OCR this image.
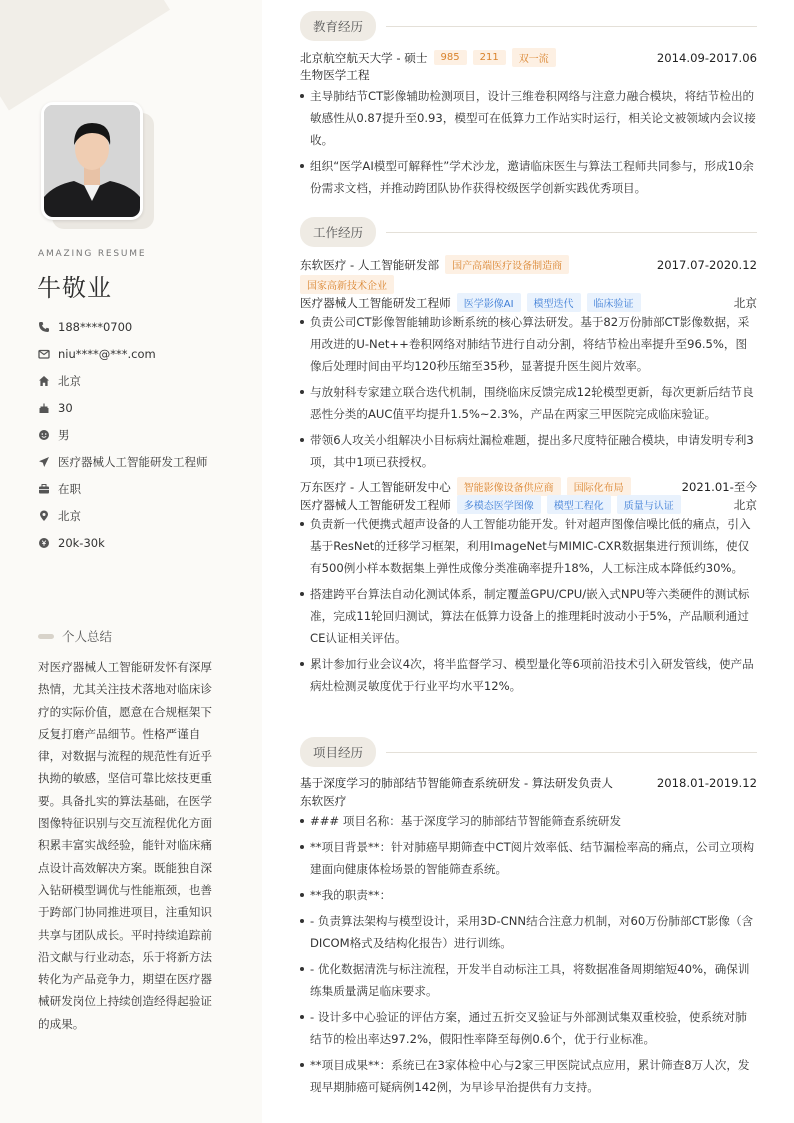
AMAZING RESUME
牛敬业
188****0700
niu****@***.com
北京
30
男
医疗器械人工智能研发工程师
在职
北京
20k-30k
个人总结

对医疗器械人工智能研发怀有深厚热情，尤其关注技术落地对临床诊疗的实际价值，愿意在合规框架下反复打磨产品细节。性格严谨自律，对数据与流程的规范性有近乎执拗的敏感，坚信可靠比炫技更重要。具备扎实的算法基础，在医学图像特征识别与交互流程优化方面积累丰富实战经验，能针对临床痛点设计高效解决方案。既能独自深入钻研模型调优与性能瓶颈，也善于跨部门协同推进项目，注重知识共享与团队成长。平时持续追踪前沿文献与行业动态，乐于将新方法转化为产品竞争力，期望在医疗器械研发岗位上持续创造经得起验证的成果。

教育经历
北京航空航天大学 - 硕士	985	211	双一流	2014.09-2017.06
生物医学工程
主导肺结节CT影像辅助检测项目，设计三维卷积网络与注意力融合模块，将结节检出的敏感性从0.87提升至0.93，模型可在低算力工作站实时运行，相关论文被领域内会议接收。
组织“医学AI模型可解释性”学术沙龙，邀请临床医生与算法工程师共同参与，形成10余份需求文档，并推动跨团队协作获得校级医学创新实践优秀项目。
工作经历
东软医疗 - 人工智能研发部	国产高端医疗设备制造商	2017.07-2020.12
国家高新技术企业
医疗器械人工智能研发工程师	医学影像AI	模型迭代	临床验证	北京
负责公司CT影像智能辅助诊断系统的核心算法研发。基于82万份肺部CT影像数据，采用改进的U-Net++卷积网络对肺结节进行自动分割，将结节检出率提升至96.5%，图像后处理时间由平均120秒压缩至35秒，显著提升医生阅片效率。
与放射科专家建立联合迭代机制，围绕临床反馈完成12轮模型更新，每次更新后结节良恶性分类的AUC值平均提升1.5%~2.3%，产品在两家三甲医院完成临床验证。
带领6人攻关小组解决小目标病灶漏检难题，提出多尺度特征融合模块，申请发明专利3项，其中1项已获授权。
万东医疗 - 人工智能研发中心	智能影像设备供应商	国际化布局	2021.01-至今
医疗器械人工智能研发工程师	多模态医学图像	模型工程化	质量与认证	北京
负责新一代便携式超声设备的人工智能功能开发。针对超声图像信噪比低的痛点，引入基于ResNet的迁移学习框架，利用ImageNet与MIMIC-CXR数据集进行预训练，使仅有500例小样本数据集上弹性成像分类准确率提升18%，人工标注成本降低约30%。
搭建跨平台算法自动化测试体系，制定覆盖GPU/CPU/嵌入式NPU等六类硬件的测试标准，完成11轮回归测试，算法在低算力设备上的推理耗时波动小于5%，产品顺利通过CE认证相关评估。
累计参加行业会议4次，将半监督学习、模型量化等6项前沿技术引入研发管线，使产品病灶检测灵敏度优于行业平均水平12%。
项目经历
基于深度学习的肺部结节智能筛查系统研发 - 算法研发负责人	2018.01-2019.12
东软医疗
### 项目名称：基于深度学习的肺部结节智能筛查系统研发
**项目背景**：针对肺癌早期筛查中CT阅片效率低、结节漏检率高的痛点，公司立项构建面向健康体检场景的智能筛查系统。
**我的职责**：
- 负责算法架构与模型设计，采用3D-CNN结合注意力机制，对60万份肺部CT影像（含DICOM格式及结构化报告）进行训练。
- 优化数据清洗与标注流程，开发半自动标注工具，将数据准备周期缩短40%，确保训练集质量满足临床要求。
- 设计多中心验证的评估方案，通过五折交叉验证与外部测试集双重校验，使系统对肺结节的检出率达97.2%，假阳性率降至每例0.6个，优于行业标准。
**项目成果**：系统已在3家体检中心与2家三甲医院试点应用，累计筛查8万人次，发现早期肺癌可疑病例142例，为早诊早治提供有力支持。
